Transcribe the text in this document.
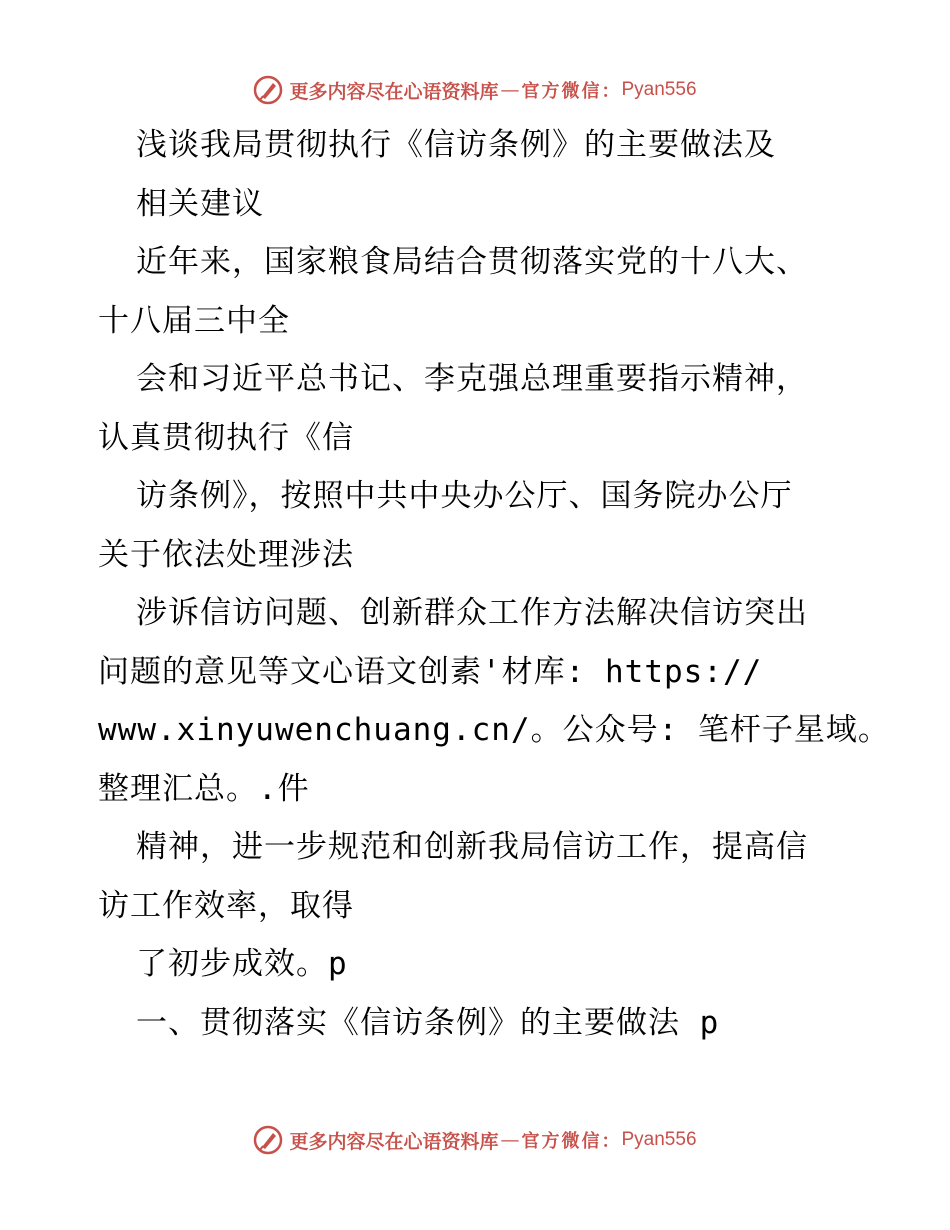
更多内容尽在心语资料库 — 官方微信： Pyan556
浅谈我局贯彻执行《信访条例》的主要做法及
相关建议
近年来，国家粮食局结合贯彻落实党的十八大、
十八届三中全
会和习近平总书记、李克强总理重要指示精神，
认真贯彻执行《信
访条例》，按照中共中央办公厅、国务院办公厅
关于依法处理涉法
涉诉信访问题、创新群众工作方法解决信访突出
问题的意见等文心语文创素'材库: https://
www.xinyuwenchuang.cn/。公众号: 笔杆子星域。
整理汇总。.件
精神，进一步规范和创新我局信访工作，提高信
访工作效率，取得
了初步成效。p
一、贯彻落实《信访条例》的主要做法 p
更多内容尽在心语资料库 — 官方微信： Pyan556
